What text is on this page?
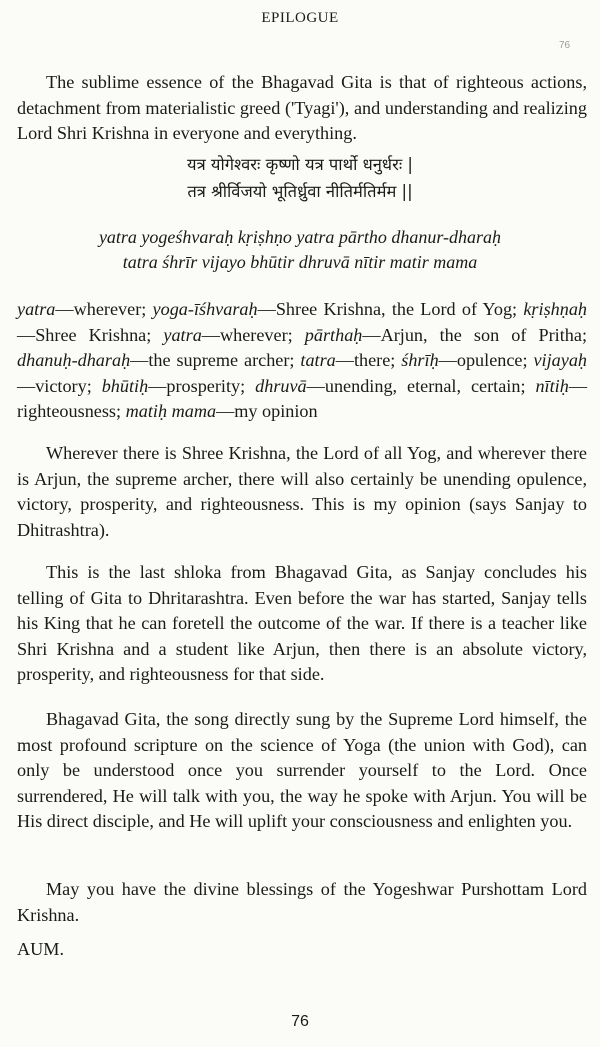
EPILOGUE
76

The sublime essence of the Bhagavad Gita is that of righteous actions, detachment from materialistic greed ('Tyagi'), and understanding and realizing Lord Shri Krishna in everyone and everything.

यत्र योगेश्वरः कृष्णो यत्र पार्थो धनुर्धरः |
तत्र श्रीर्विजयो भूतिर्ध्रुवा नीतिर्मतिर्मम ||
yatra yogeśhvaraḥ kṛiṣhṇo yatra pārtho dhanur-dharaḥ
tatra śhrīr vijayo bhūtir dhruvā nītir matir mama

yatra—wherever; yoga-īśhvaraḥ—Shree Krishna, the Lord of Yog; kṛiṣhṇaḥ—Shree Krishna; yatra—wherever; pārthaḥ—Arjun, the son of Pritha; dhanuḥ-dharaḥ—the supreme archer; tatra—there; śhrīḥ—opulence; vijayaḥ—victory; bhūtiḥ—prosperity; dhruvā—unending, eternal, certain; nītiḥ—righteousness; matiḥ mama—my opinion

Wherever there is Shree Krishna, the Lord of all Yog, and wherever there is Arjun, the supreme archer, there will also certainly be unending opulence, victory, prosperity, and righteousness. This is my opinion (says Sanjay to Dhitrashtra).

This is the last shloka from Bhagavad Gita, as Sanjay concludes his telling of Gita to Dhritarashtra. Even before the war has started, Sanjay tells his King that he can foretell the outcome of the war. If there is a teacher like Shri Krishna and a student like Arjun, then there is an absolute victory, prosperity, and righteousness for that side.

Bhagavad Gita, the song directly sung by the Supreme Lord himself, the most profound scripture on the science of Yoga (the union with God), can only be understood once you surrender yourself to the Lord. Once surrendered, He will talk with you, the way he spoke with Arjun. You will be His direct disciple, and He will uplift your consciousness and enlighten you.

May you have the divine blessings of the Yogeshwar Purshottam Lord Krishna.

AUM.

76
